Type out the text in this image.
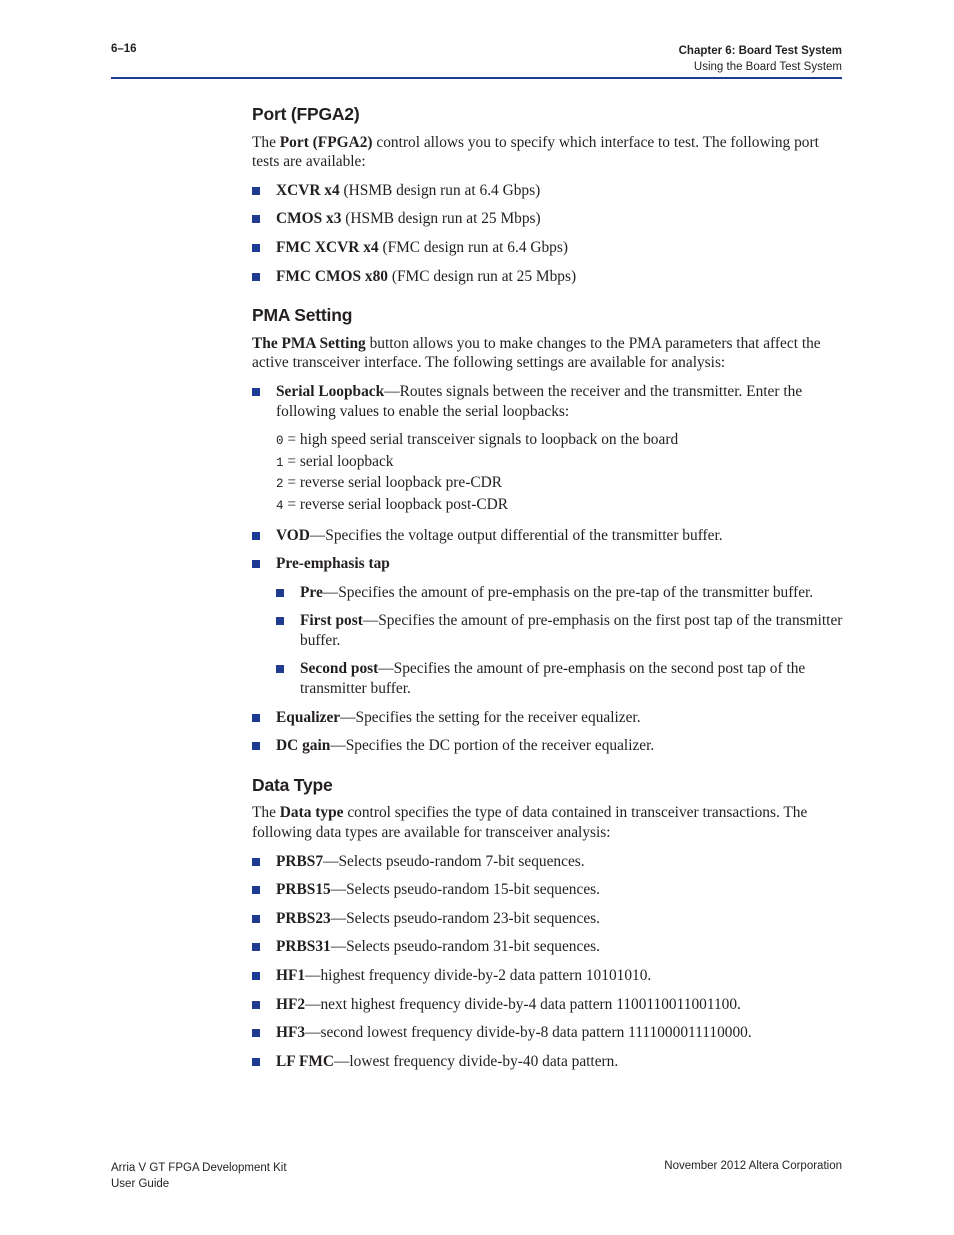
6–16	Chapter 6: Board Test System
Using the Board Test System
Port (FPGA2)

The Port (FPGA2) control allows you to specify which interface to test. The following port tests are available:

XCVR x4 (HSMB design run at 6.4 Gbps)
CMOS x3 (HSMB design run at 25 Mbps)
FMC XCVR x4 (FMC design run at 6.4 Gbps)
FMC CMOS x80 (FMC design run at 25 Mbps)
PMA Setting

The PMA Setting button allows you to make changes to the PMA parameters that affect the active transceiver interface. The following settings are available for analysis:

Serial Loopback—Routes signals between the receiver and the transmitter. Enter the following values to enable the serial loopbacks:
0 = high speed serial transceiver signals to loopback on the board
1 = serial loopback
2 = reverse serial loopback pre-CDR
4 = reverse serial loopback post-CDR
VOD—Specifies the voltage output differential of the transmitter buffer.
Pre-emphasis tap
Pre—Specifies the amount of pre-emphasis on the pre-tap of the transmitter buffer.
First post—Specifies the amount of pre-emphasis on the first post tap of the transmitter buffer.
Second post—Specifies the amount of pre-emphasis on the second post tap of the transmitter buffer.
Equalizer—Specifies the setting for the receiver equalizer.
DC gain—Specifies the DC portion of the receiver equalizer.
Data Type

The Data type control specifies the type of data contained in transceiver transactions. The following data types are available for transceiver analysis:

PRBS7—Selects pseudo-random 7-bit sequences.
PRBS15—Selects pseudo-random 15-bit sequences.
PRBS23—Selects pseudo-random 23-bit sequences.
PRBS31—Selects pseudo-random 31-bit sequences.
HF1—highest frequency divide-by-2 data pattern 10101010.
HF2—next highest frequency divide-by-4 data pattern 1100110011001100.
HF3—second lowest frequency divide-by-8 data pattern 1111000011110000.
LF FMC—lowest frequency divide-by-40 data pattern.
Arria V GT FPGA Development Kit
User Guide
November 2012 Altera Corporation
